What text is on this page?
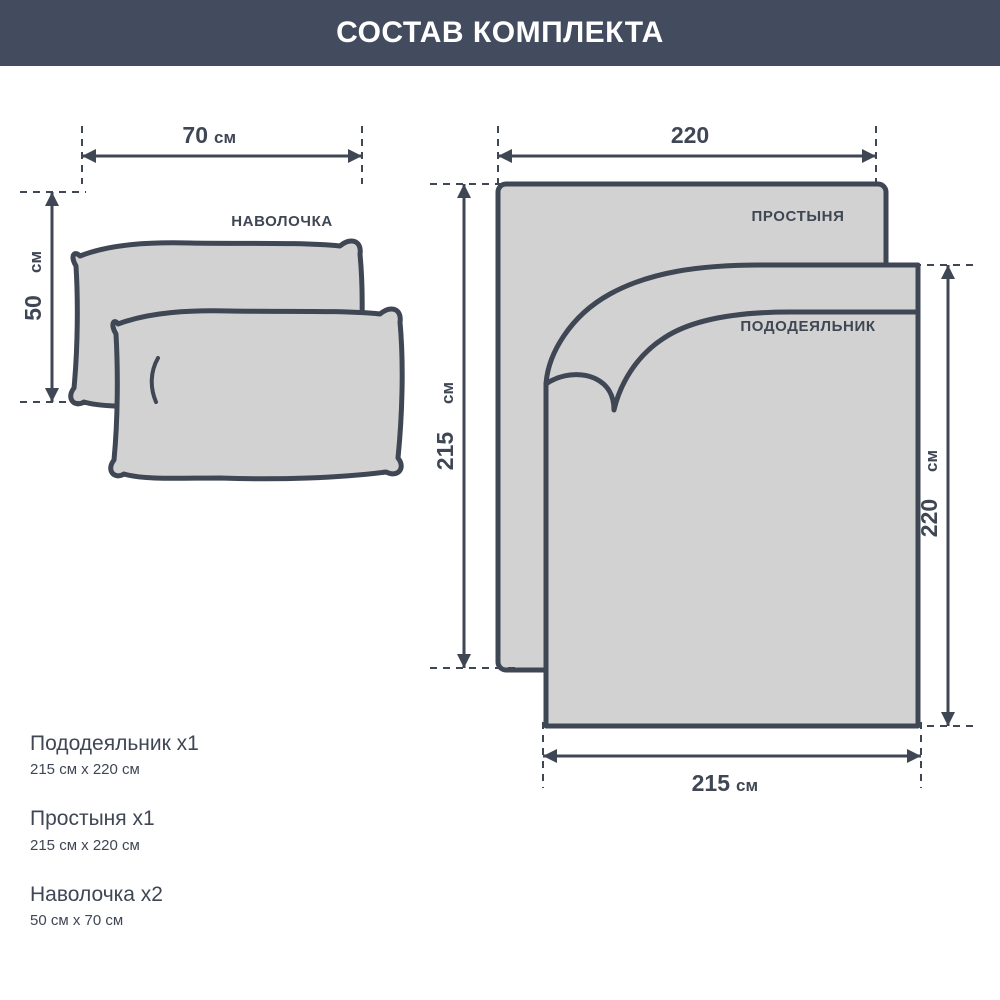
СОСТАВ КОМПЛЕКТА
НАВОЛОЧКА
70 см
50
см
ПРОСТЫНЯ
220
215
см
ПОДОДЕЯЛЬНИК
220
см
215 см
Пододеяльник х1
215 см х 220 см
Простыня х1
215 см х 220 см
Наволочка х2
50 см х 70 см
